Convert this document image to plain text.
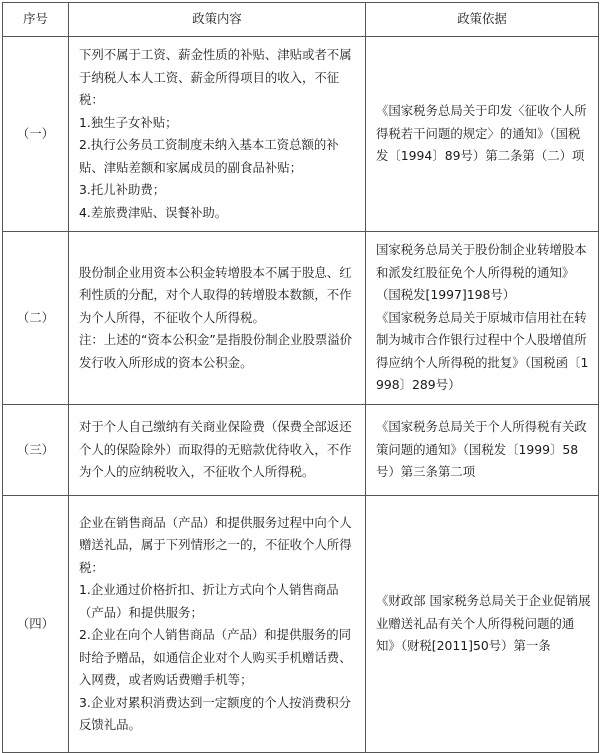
序号	政策内容	政策依据
（一）	下列不属于工资、薪金性质的补贴、津贴或者不属于纳税人本人工资、薪金所得项目的收入，不征税：
1.独生子女补贴；
2.执行公务员工资制度未纳入基本工资总额的补贴、津贴差额和家属成员的副食品补贴；
3.托儿补助费；
4.差旅费津贴、误餐补助。	《国家税务总局关于印发〈征收个人所得税若干问题的规定〉的通知》（国税发〔1994〕89号）第二条第（二）项

（二）	股份制企业用资本公积金转增股本不属于股息、红利性质的分配，对个人取得的转增股本数额，不作为个人所得，不征收个人所得税。
注：上述的“资本公积金”是指股份制企业股票溢价发行收入所形成的资本公积金。	国家税务总局关于股份制企业转增股本和派发红股征免个人所得税的通知》（国税发[1997]198号）
《国家税务总局关于原城市信用社在转制为城市合作银行过程中个人股增值所得应纳个人所得税的批复》（国税函〔1998〕289号）

（三）	对于个人自己缴纳有关商业保险费（保费全部返还个人的保险除外）而取得的无赔款优待收入，不作为个人的应纳税收入，不征收个人所得税。	《国家税务总局关于个人所得税有关政策问题的通知》（国税发〔1999〕58号）第三条第二项

（四）	企业在销售商品（产品）和提供服务过程中向个人赠送礼品，属于下列情形之一的，不征收个人所得税：
1.企业通过价格折扣、折让方式向个人销售商品（产品）和提供服务；
2.企业在向个人销售商品（产品）和提供服务的同时给予赠品，如通信企业对个人购买手机赠话费、入网费，或者购话费赠手机等；
3.企业对累积消费达到一定额度的个人按消费积分反馈礼品。	《财政部 国家税务总局关于企业促销展业赠送礼品有关个人所得税问题的通知》（财税[2011]50号）第一条
